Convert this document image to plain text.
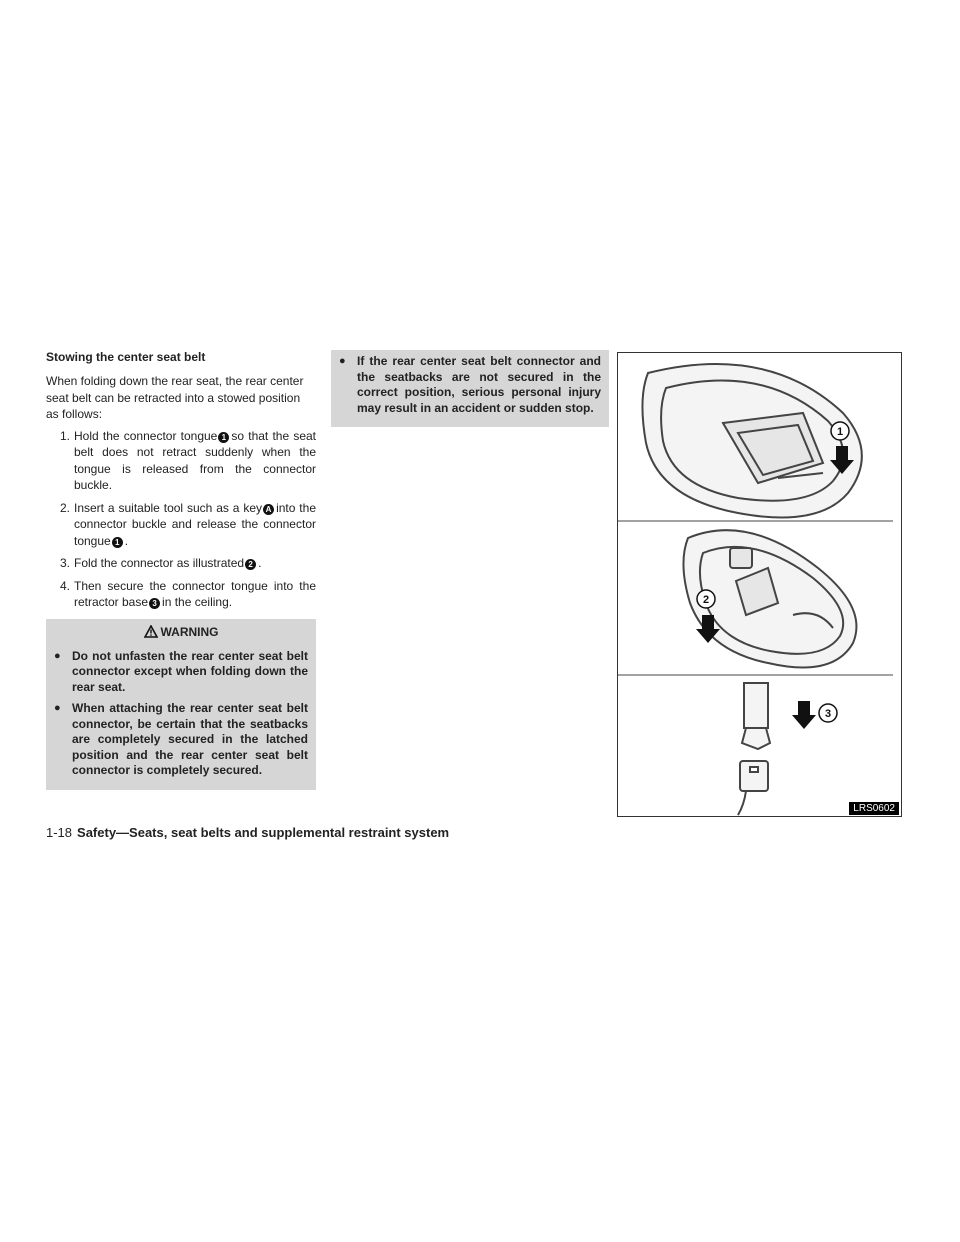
Stowing the center seat belt
When folding down the rear seat, the rear center seat belt can be retracted into a stowed position as follows:
1. Hold the connector tongue 1 so that the seat belt does not retract suddenly when the tongue is released from the connector buckle.
2. Insert a suitable tool such as a key A into the connector buckle and release the connector tongue 1 .
3. Fold the connector as illustrated 2 .
4. Then secure the connector tongue into the retractor base 3 in the ceiling.
WARNING
● Do not unfasten the rear center seat belt connector except when folding down the rear seat.
● When attaching the rear center seat belt connector, be certain that the seatbacks are completely secured in the latched position and the rear center seat belt connector is completely secured.
● If the rear center seat belt connector and the seatbacks are not secured in the correct position, serious personal injury may result in an accident or sudden stop.
1
2
3
LRS0602
1-18 Safety—Seats, seat belts and supplemental restraint system
